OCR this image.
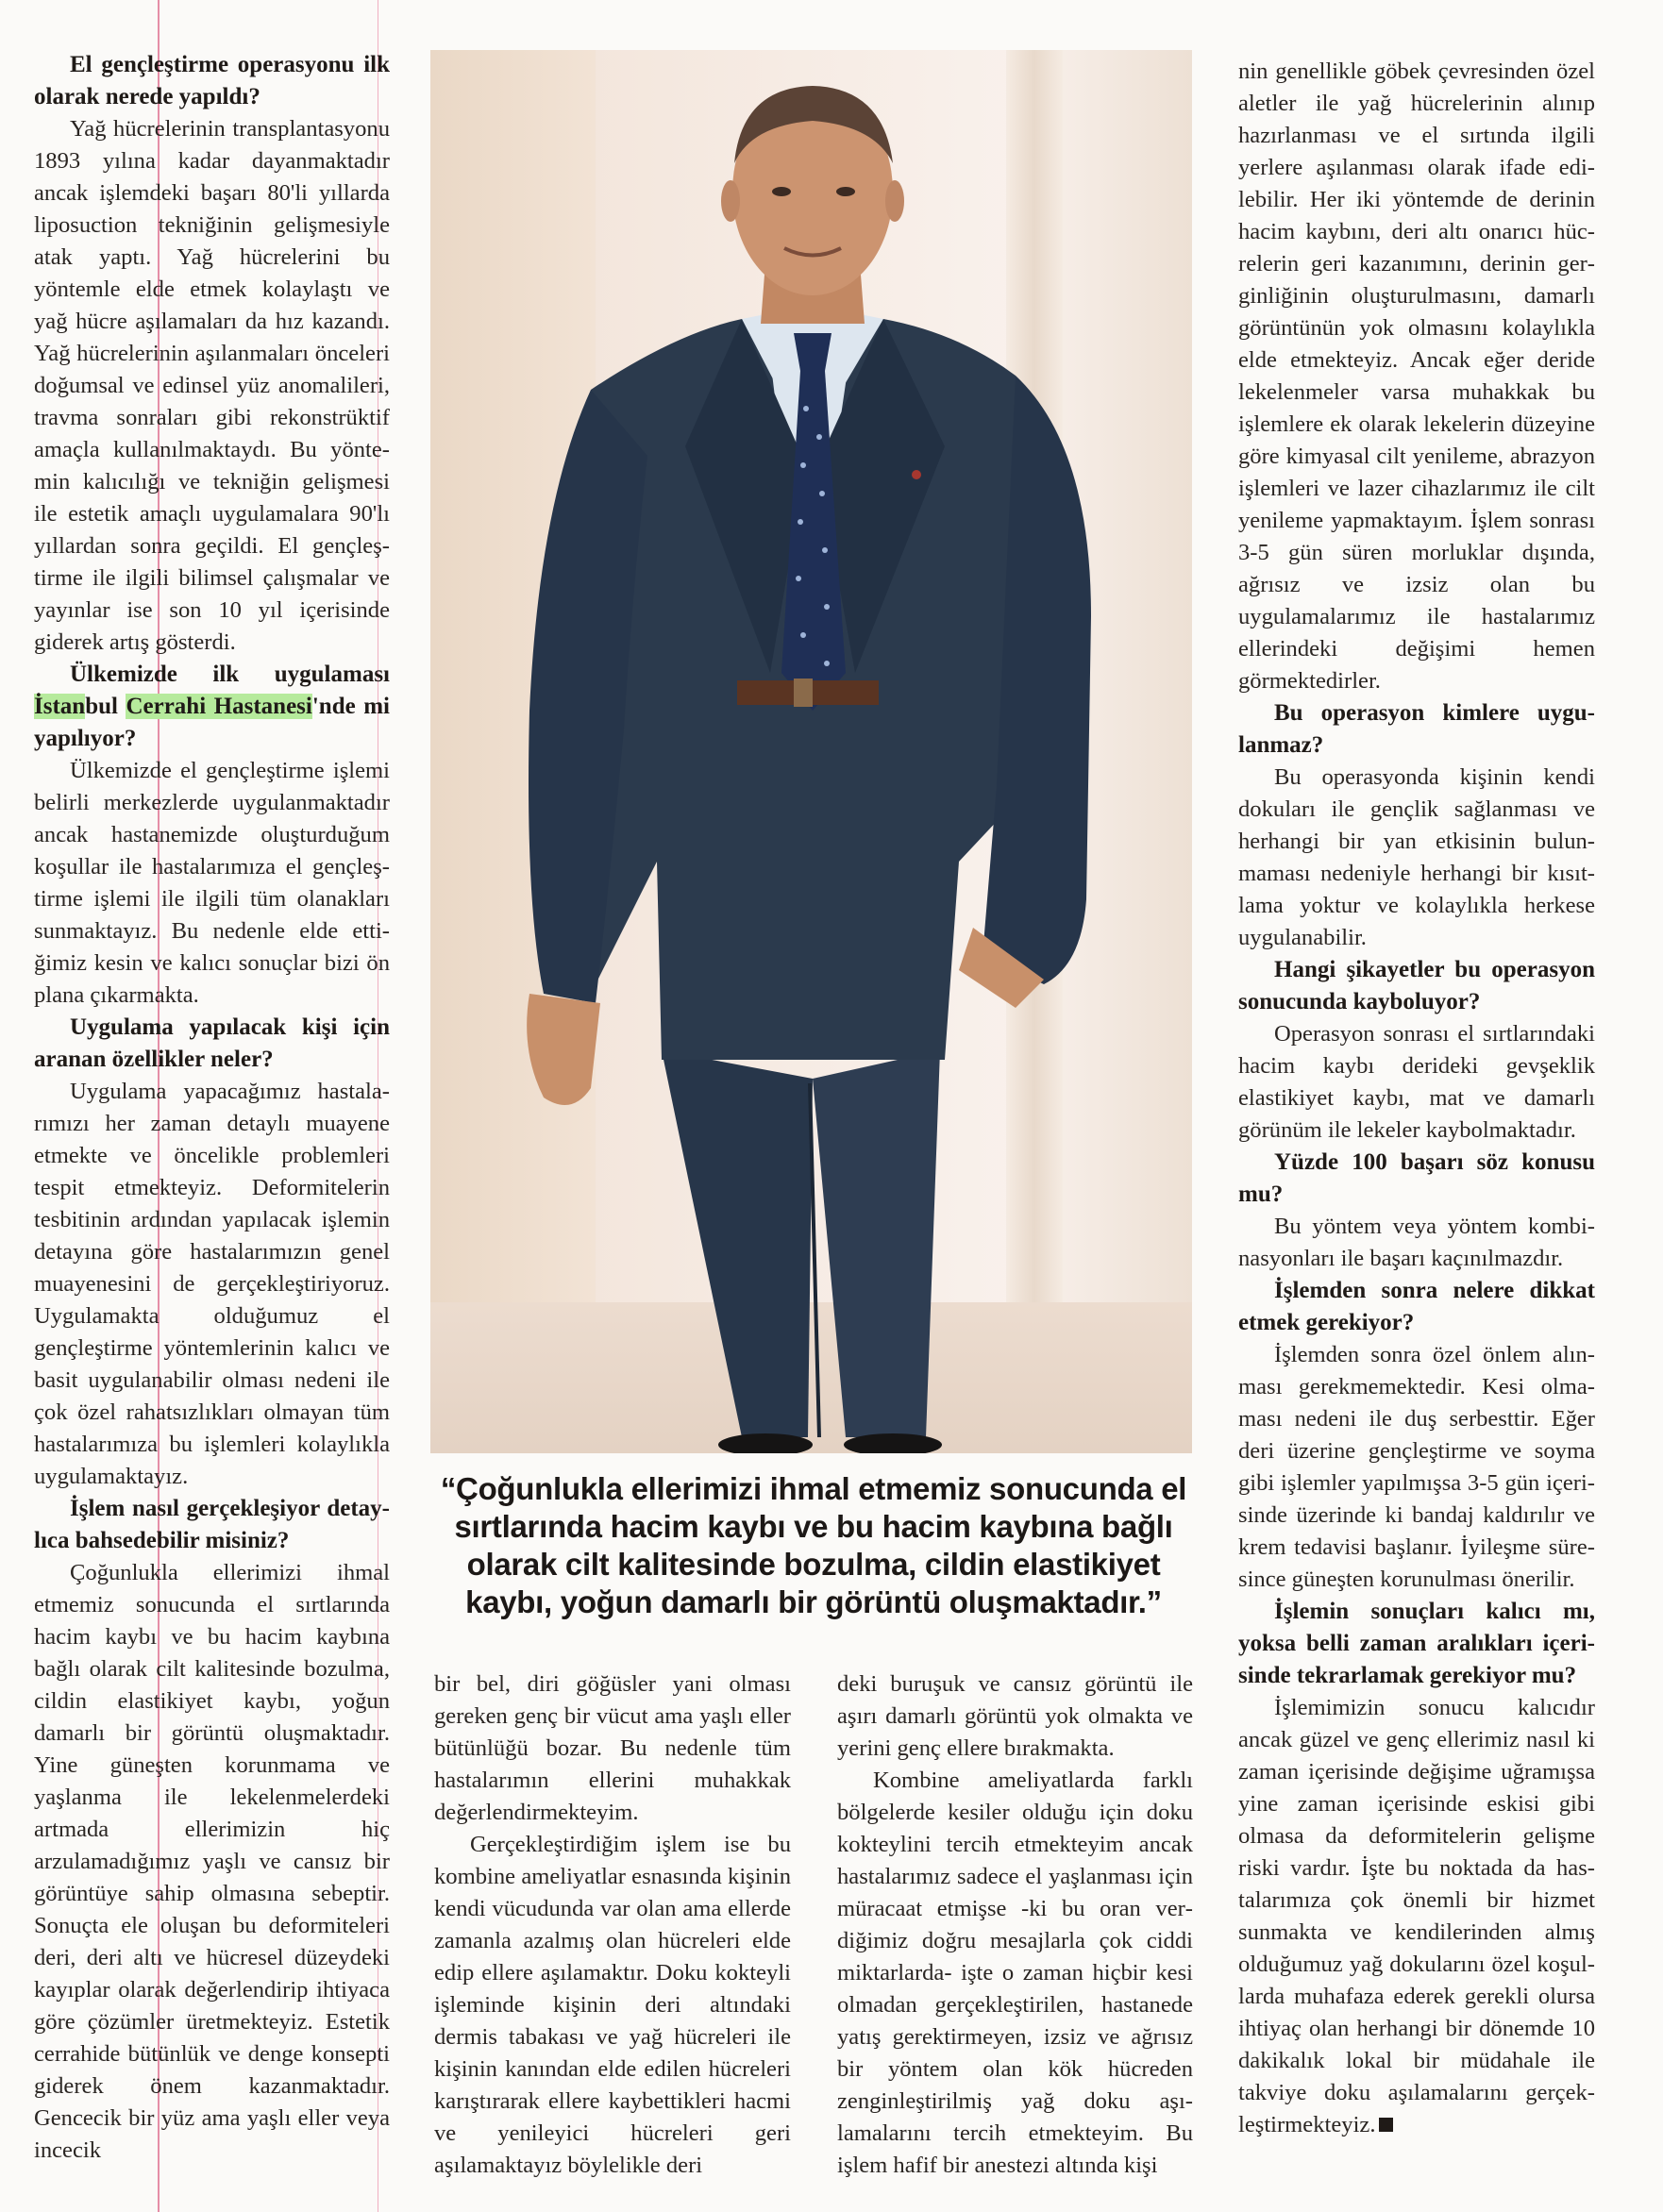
El gençleştirme operasyonu ilk olarak nerede yapıldı?

Yağ hücrelerinin transplantasyonu 1893 yılına kadar dayanmaktadır ancak işlemdeki başarı 80'li yıllarda liposuction tekniğinin gelişmesiyle atak yaptı. Yağ hücrelerini bu yöntemle elde etmek kolaylaştı ve yağ hücre aşılamaları da hız kazandı. Yağ hücrelerinin aşılanmaları önceleri doğumsal ve edinsel yüz anomalileri, travma sonraları gibi rekonstrüktif amaçla kullanılmaktaydı. Bu yöntemin kalıcılığı ve tekniğin gelişmesi ile estetik amaçlı uygulamalara 90'lı yıllardan sonra geçildi. El gençleştirme ile ilgili bilimsel çalışmalar ve yayınlar ise son 10 yıl içerisinde giderek artış gösterdi.

Ülkemizde ilk uygulaması İstanbul Cerrahi Hastanesi'nde mi yapılıyor?

Ülkemizde el gençleştirme işlemi belirli merkezlerde uygulanmaktadır ancak hastanemizde oluşturduğum koşullar ile hastalarımıza el gençleştirme işlemi ile ilgili tüm olanakları sunmaktayız. Bu nedenle elde ettiğimiz kesin ve kalıcı sonuçlar bizi ön plana çıkarmakta.

Uygulama yapılacak kişi için aranan özellikler neler?

Uygulama yapacağımız hastalarımızı her zaman detaylı muayene etmekte ve öncelikle problemleri tespit etmekteyiz. Deformitelerin tesbitinin ardından yapılacak işlemin detayına göre hastalarımızın genel muayenesini de gerçekleştiriyoruz. Uygulamakta olduğumuz el gençleştirme yöntemlerinin kalıcı ve basit uygulanabilir olması nedeni ile çok özel rahatsızlıkları olmayan tüm hastalarımıza bu işlemleri kolaylıkla uygulamaktayız.

İşlem nasıl gerçekleşiyor detaylıca bahsedebilir misiniz?

Çoğunlukla ellerimizi ihmal etmemiz sonucunda el sırtlarında hacim kaybı ve bu hacim kaybına bağlı olarak cilt kalitesinde bozulma, cildin elastikiyet kaybı, yoğun damarlı bir görüntü oluşmaktadır. Yine güneşten korunmama ve yaşlanma ile lekelenmelerdeki artmada ellerimizin hiç arzulamadığımız yaşlı ve cansız bir görüntüye sahip olmasına sebeptir. Sonuçta ele oluşan bu deformiteleri deri, deri altı ve hücresel düzeydeki kayıplar olarak değerlendirip ihtiyaca göre çözümler üretmekteyiz. Estetik cerrahide bütünlük ve denge konsepti giderek önem kazanmaktadır. Gencecik bir yüz ama yaşlı eller veya incecik

“Çoğunlukla ellerimizi ihmal etmemiz sonucunda el sırtlarında hacim kaybı ve bu hacim kaybına bağlı olarak cilt kalitesinde bozulma, cildin elastikiyet kaybı, yoğun damarlı bir görüntü oluşmaktadır.”

bir bel, diri göğüsler yani olması gereken genç bir vücut ama yaşlı eller bütünlüğü bozar. Bu nedenle tüm hastalarımın ellerini muhakkak değerlendirmekteyim.

Gerçekleştirdiğim işlem ise bu kombine ameliyatlar esnasında kişinin kendi vücudunda var olan ama ellerde zamanla azalmış olan hücreleri elde edip ellere aşılamaktır. Doku kokteyli işleminde kişinin deri altındaki dermis tabakası ve yağ hücreleri ile kişinin kanından elde edilen hücreleri karıştırarak ellere kaybettikleri hacmi ve yenileyici hücreleri geri aşılamaktayız böylelikle deri

deki buruşuk ve cansız görüntü ile aşırı damarlı görüntü yok olmakta ve yerini genç ellere bırakmakta.

Kombine ameliyatlarda farklı bölgelerde kesiler olduğu için doku kokteylini tercih etmekteyim ancak hastalarımız sadece el yaşlanması için müracaat etmişse -ki bu oran verdiğimiz doğru mesajlarla çok ciddi miktarlarda- işte o zaman hiçbir kesi olmadan gerçekleştirilen, hastanede yatış gerektirmeyen, izsiz ve ağrısız bir yöntem olan kök hücreden zenginleştirilmiş yağ doku aşılamalarını tercih etmekteyim. Bu işlem hafif bir anestezi altında kişi

nin genellikle göbek çevresinden özel aletler ile yağ hücrelerinin alınıp hazırlanması ve el sırtında ilgili yerlere aşılanması olarak ifade edilebilir. Her iki yöntemde de derinin hacim kaybını, deri altı onarıcı hücrelerin geri kazanımını, derinin gerginliğinin oluşturulmasını, damarlı görüntünün yok olmasını kolaylıkla elde etmekteyiz. Ancak eğer deride lekelenmeler varsa muhakkak bu işlemlere ek olarak lekelerin düzeyine göre kimyasal cilt yenileme, abrazyon işlemleri ve lazer cihazlarımız ile cilt yenileme yapmaktayım. İşlem sonrası 3-5 gün süren morluklar dışında, ağrısız ve izsiz olan bu uygulamalarımız ile hastalarımız ellerindeki değişimi hemen görmektedirler.

Bu operasyon kimlere uygulanmaz?

Bu operasyonda kişinin kendi dokuları ile gençlik sağlanması ve herhangi bir yan etkisinin bulunmaması nedeniyle herhangi bir kısıtlama yoktur ve kolaylıkla herkese uygulanabilir.

Hangi şikayetler bu operasyon sonucunda kayboluyor?

Operasyon sonrası el sırtlarındaki hacim kaybı derideki gevşeklik elastikiyet kaybı, mat ve damarlı görünüm ile lekeler kaybolmaktadır.

Yüzde 100 başarı söz konusu mu?

Bu yöntem veya yöntem kombinasyonları ile başarı kaçınılmazdır.

İşlemden sonra nelere dikkat etmek gerekiyor?

İşlemden sonra özel önlem alınması gerekmemektedir. Kesi olmaması nedeni ile duş serbesttir. Eğer deri üzerine gençleştirme ve soyma gibi işlemler yapılmışsa 3-5 gün içerisinde üzerinde ki bandaj kaldırılır ve krem tedavisi başlanır. İyileşme süresince güneşten korunulması önerilir.

İşlemin sonuçları kalıcı mı, yoksa belli zaman aralıkları içerisinde tekrarlamak gerekiyor mu?

İşlemimizin sonucu kalıcıdır ancak güzel ve genç ellerimiz nasıl ki zaman içerisinde değişime uğramışsa yine zaman içerisinde eskisi gibi olmasa da deformitelerin gelişme riski vardır. İşte bu noktada da hastalarımıza çok önemli bir hizmet sunmakta ve kendilerinden almış olduğumuz yağ dokularını özel koşullarda muhafaza ederek gerekli olursa ihtiyaç olan herhangi bir dönemde 10 dakikalık lokal bir müdahale ile takviye doku aşılamalarını gerçekleştirmekteyiz.
